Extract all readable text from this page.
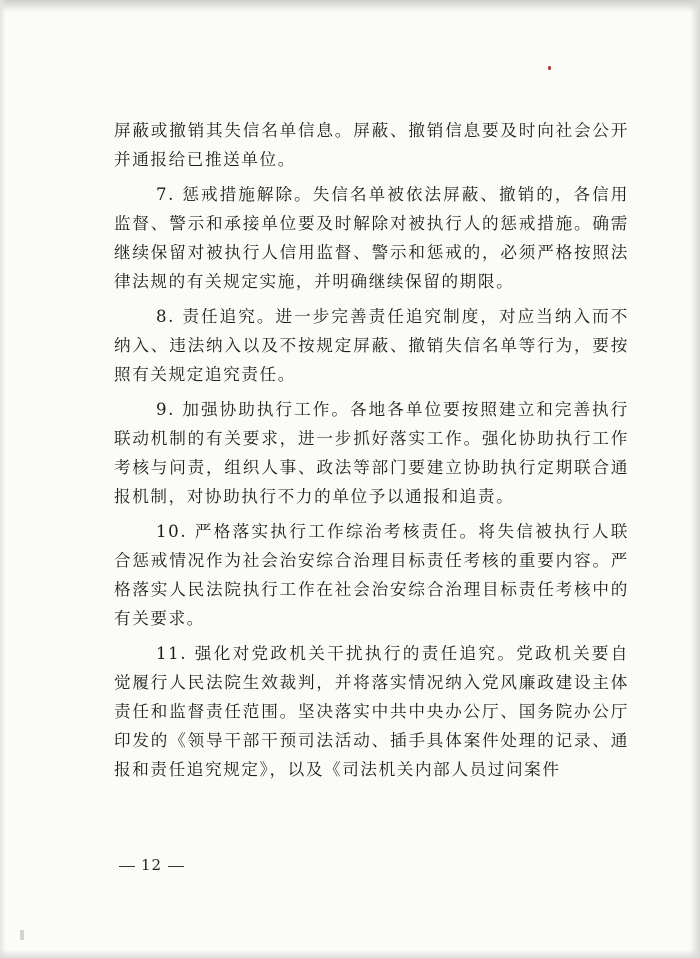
屏蔽或撤销其失信名单信息。屏蔽、撤销信息要及时向社会公开并通报给已推送单位。

7. 惩戒措施解除。失信名单被依法屏蔽、撤销的，各信用监督、警示和承接单位要及时解除对被执行人的惩戒措施。确需继续保留对被执行人信用监督、警示和惩戒的，必须严格按照法律法规的有关规定实施，并明确继续保留的期限。

8. 责任追究。进一步完善责任追究制度，对应当纳入而不纳入、违法纳入以及不按规定屏蔽、撤销失信名单等行为，要按照有关规定追究责任。

9. 加强协助执行工作。各地各单位要按照建立和完善执行联动机制的有关要求，进一步抓好落实工作。强化协助执行工作考核与问责，组织人事、政法等部门要建立协助执行定期联合通报机制，对协助执行不力的单位予以通报和追责。

10. 严格落实执行工作综治考核责任。将失信被执行人联合惩戒情况作为社会治安综合治理目标责任考核的重要内容。严格落实人民法院执行工作在社会治安综合治理目标责任考核中的有关要求。

11. 强化对党政机关干扰执行的责任追究。党政机关要自觉履行人民法院生效裁判，并将落实情况纳入党风廉政建设主体责任和监督责任范围。坚决落实中共中央办公厅、国务院办公厅印发的《领导干部干预司法活动、插手具体案件处理的记录、通报和责任追究规定》，以及《司法机关内部人员过问案件

12
